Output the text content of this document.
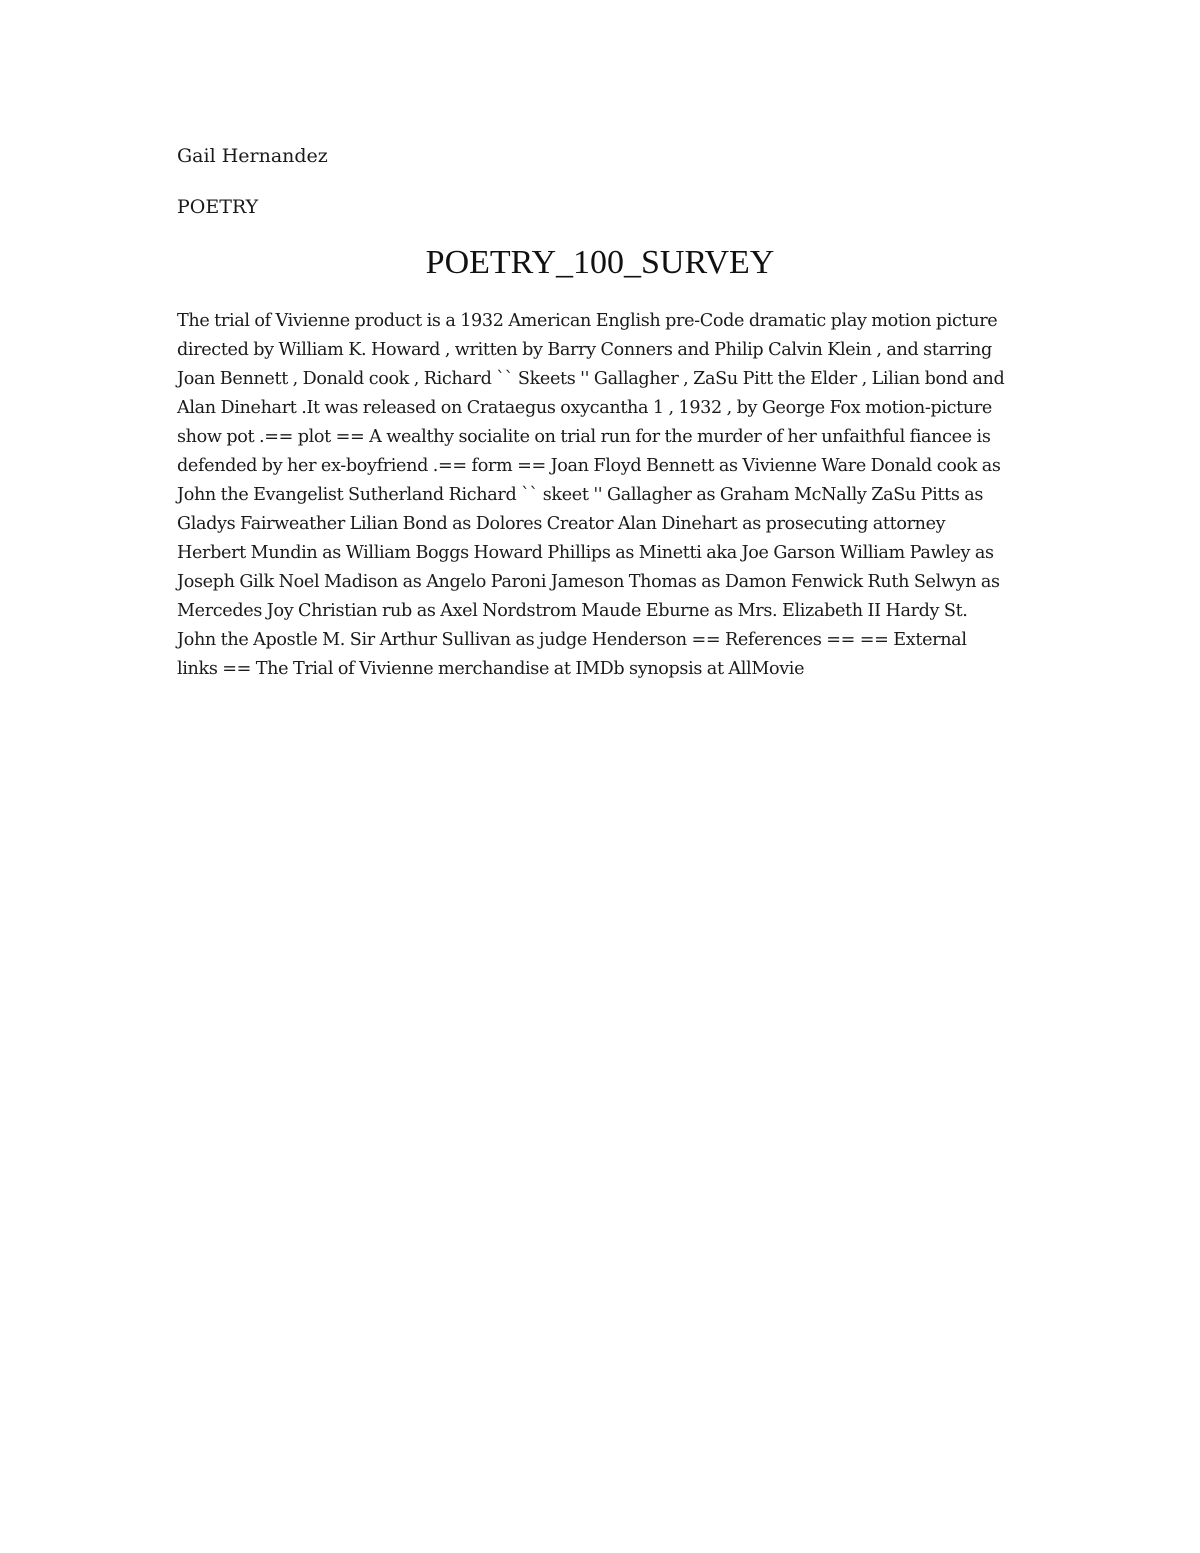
Gail Hernandez
POETRY
POETRY_100_SURVEY
The trial of Vivienne product is a 1932 American English pre-Code dramatic play motion picture directed by William K. Howard , written by Barry Conners and Philip Calvin Klein , and starring Joan Bennett , Donald cook , Richard `` Skeets '' Gallagher , ZaSu Pitt the Elder , Lilian bond and Alan Dinehart .It was released on Crataegus oxycantha 1 , 1932 , by George Fox motion-picture show pot .== plot == A wealthy socialite on trial run for the murder of her unfaithful fiancee is defended by her ex-boyfriend .== form == Joan Floyd Bennett as Vivienne Ware Donald cook as John the Evangelist Sutherland Richard `` skeet '' Gallagher as Graham McNally ZaSu Pitts as Gladys Fairweather Lilian Bond as Dolores Creator Alan Dinehart as prosecuting attorney Herbert Mundin as William Boggs Howard Phillips as Minetti aka Joe Garson William Pawley as Joseph Gilk Noel Madison as Angelo Paroni Jameson Thomas as Damon Fenwick Ruth Selwyn as Mercedes Joy Christian rub as Axel Nordstrom Maude Eburne as Mrs. Elizabeth II Hardy St. John the Apostle M. Sir Arthur Sullivan as judge Henderson == References == == External links == The Trial of Vivienne merchandise at IMDb synopsis at AllMovie
